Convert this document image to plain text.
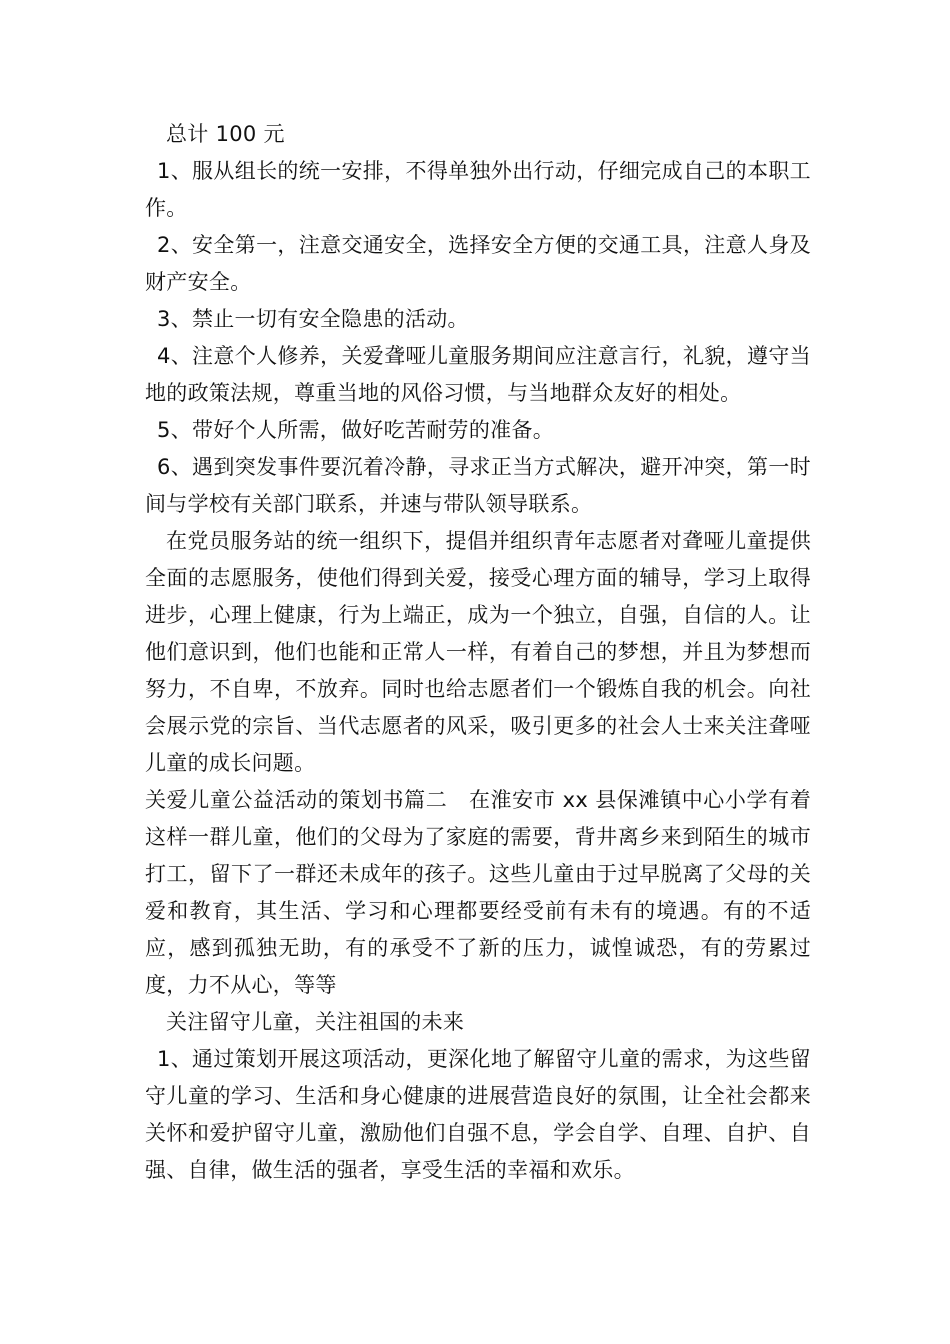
总计 100 元

1、服从组长的统一安排，不得单独外出行动，仔细完成自己的本职工作。

2、安全第一，注意交通安全，选择安全方便的交通工具，注意人身及财产安全。

3、禁止一切有安全隐患的活动。

4、注意个人修养，关爱聋哑儿童服务期间应注意言行，礼貌，遵守当地的政策法规，尊重当地的风俗习惯，与当地群众友好的相处。

5、带好个人所需，做好吃苦耐劳的准备。

6、遇到突发事件要沉着冷静，寻求正当方式解决，避开冲突，第一时间与学校有关部门联系，并速与带队领导联系。

在党员服务站的统一组织下，提倡并组织青年志愿者对聋哑儿童提供全面的志愿服务，使他们得到关爱，接受心理方面的辅导，学习上取得进步，心理上健康，行为上端正，成为一个独立，自强，自信的人。让他们意识到，他们也能和正常人一样，有着自己的梦想，并且为梦想而努力，不自卑，不放弃。同时也给志愿者们一个锻炼自我的机会。向社会展示党的宗旨、当代志愿者的风采，吸引更多的社会人士来关注聋哑儿童的成长问题。

关爱儿童公益活动的策划书篇二　在淮安市 xx 县保滩镇中心小学有着这样一群儿童，他们的父母为了家庭的需要，背井离乡来到陌生的城市打工，留下了一群还未成年的孩子。这些儿童由于过早脱离了父母的关爱和教育，其生活、学习和心理都要经受前有未有的境遇。有的不适应，感到孤独无助，有的承受不了新的压力，诚惶诚恐，有的劳累过度，力不从心，等等

关注留守儿童，关注祖国的未来

1、通过策划开展这项活动，更深化地了解留守儿童的需求，为这些留守儿童的学习、生活和身心健康的进展营造良好的氛围，让全社会都来关怀和爱护留守儿童，激励他们自强不息，学会自学、自理、自护、自强、自律，做生活的强者，享受生活的幸福和欢乐。
